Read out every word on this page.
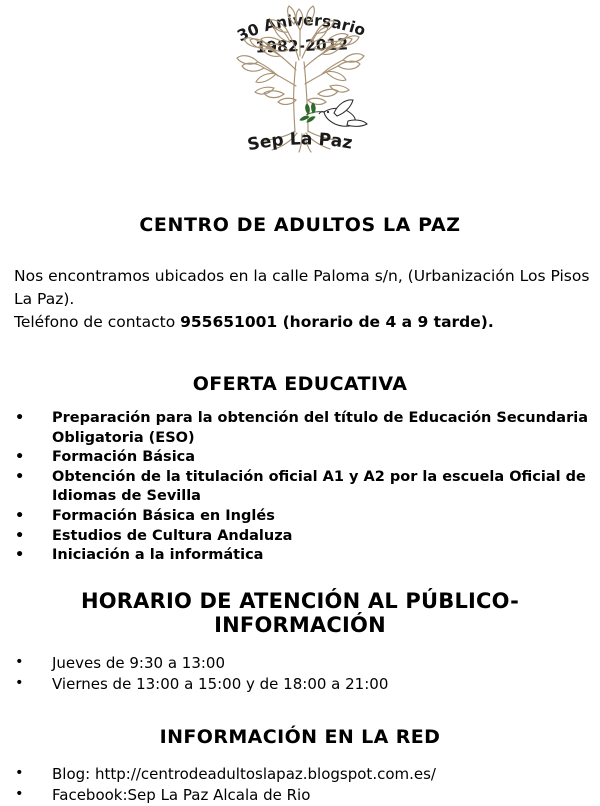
30 Aniversario
1982-2012
Sep La Paz
CENTRO DE ADULTOS LA PAZ

Nos encontramos ubicados en la calle Paloma s/n, (Urbanización Los Pisos La Paz).
Teléfono de contacto 955651001 (horario de 4 a 9 tarde).

OFERTA EDUCATIVA
• Preparación para la obtención del título de Educación Secundaria Obligatoria (ESO)
• Formación Básica
• Obtención de la titulación oficial A1 y A2 por la escuela Oficial de Idiomas de Sevilla
• Formación Básica en Inglés
• Estudios de Cultura Andaluza
• Iniciación a la informática
HORARIO DE ATENCIÓN AL PÚBLICO- INFORMACIÓN
• Jueves de 9:30 a 13:00
• Viernes de 13:00 a 15:00 y de 18:00 a 21:00
INFORMACIÓN EN LA RED
• Blog: http://centrodeadultoslapaz.blogspot.com.es/
• Facebook:Sep La Paz Alcala de Rio
